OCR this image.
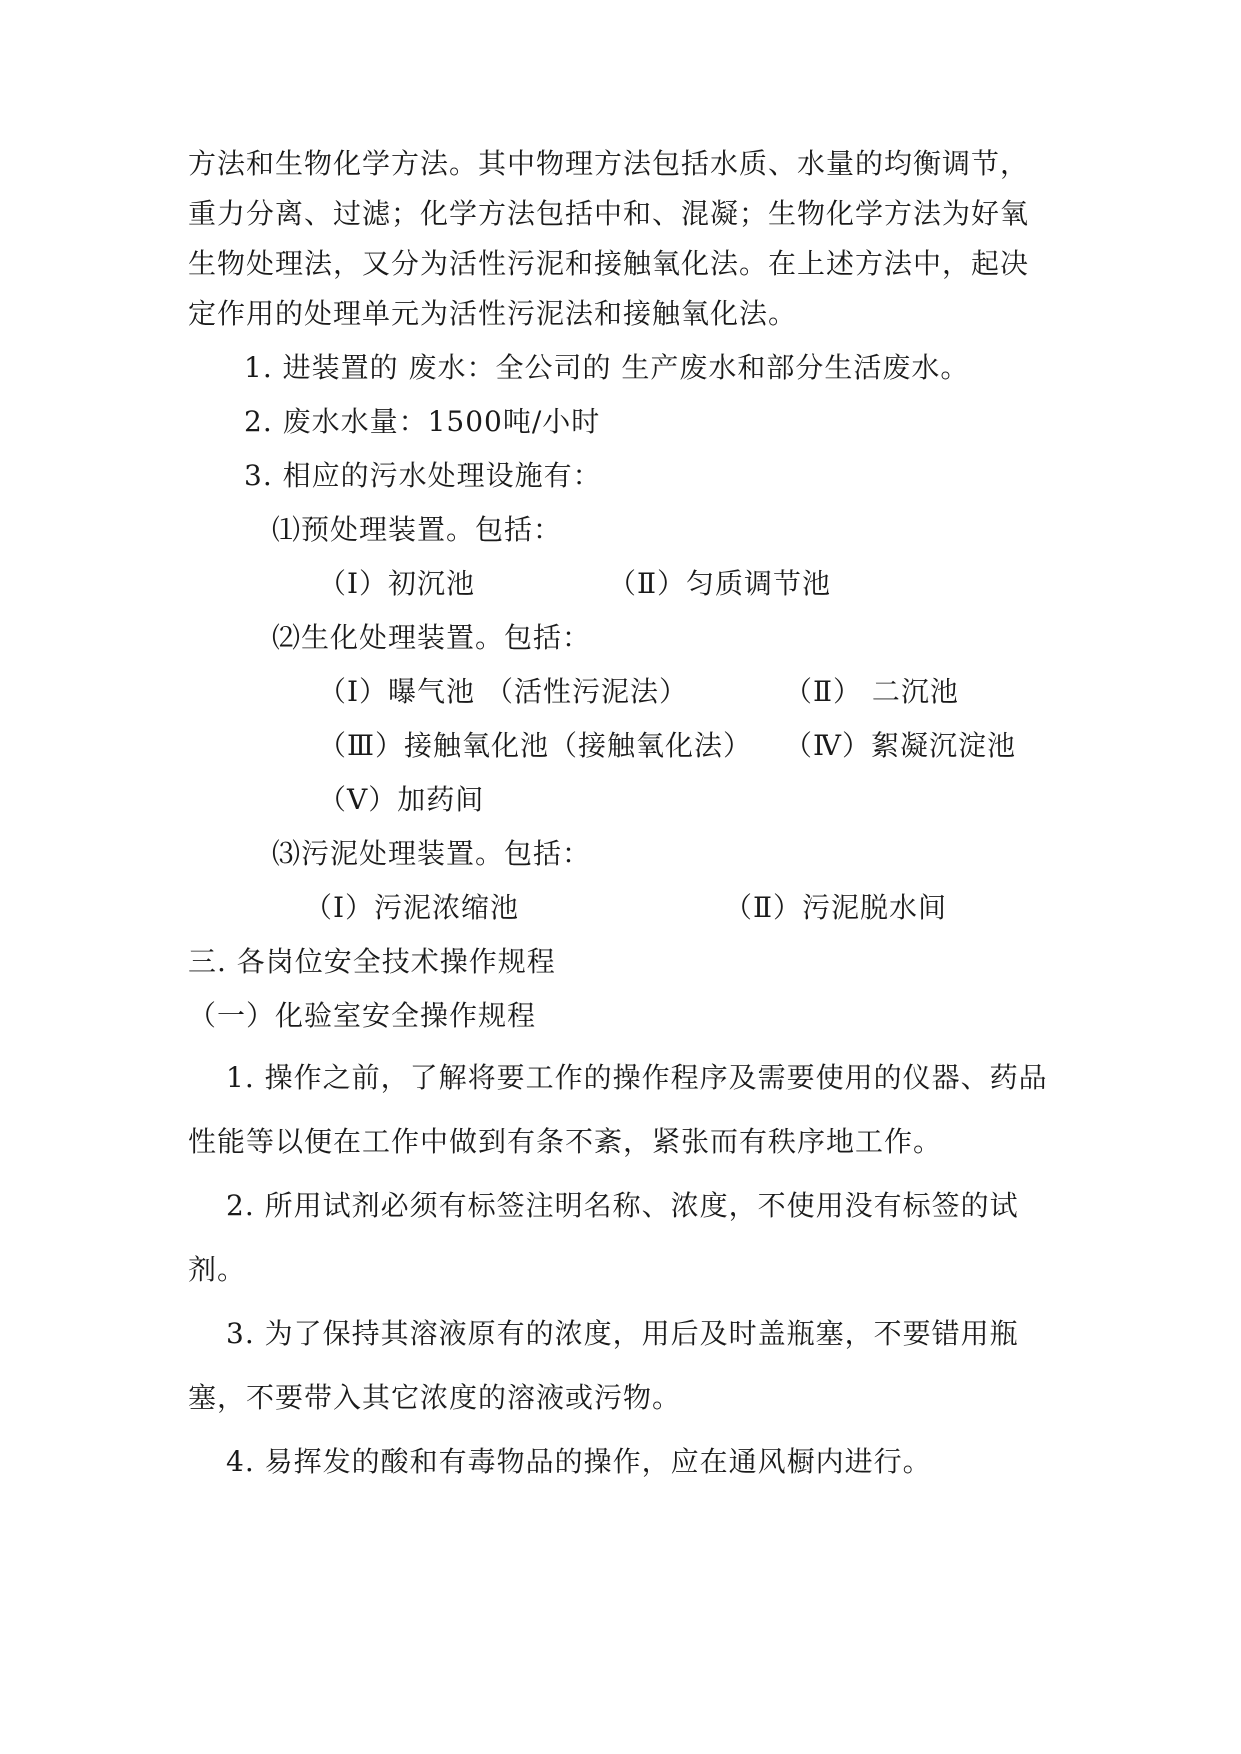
方法和生物化学方法。其中物理方法包括水质、水量的均衡调节，
重力分离、过滤；化学方法包括中和、混凝；生物化学方法为好氧
生物处理法，又分为活性污泥和接触氧化法。在上述方法中，起决
定作用的处理单元为活性污泥法和接触氧化法。
1. 进装置的 废水：全公司的 生产废水和部分生活废水。
2. 废水水量：1500吨/小时
3. 相应的污水处理设施有：
⑴预处理装置。包括：
（Ⅰ）初沉池	（Ⅱ）匀质调节池
⑵生化处理装置。包括：
（Ⅰ）曝气池 （活性污泥法）	（Ⅱ） 二沉池
（Ⅲ）接触氧化池（接触氧化法） （Ⅳ）絮凝沉淀池
（Ⅴ）加药间
⑶污泥处理装置。包括：
（Ⅰ）污泥浓缩池	（Ⅱ）污泥脱水间
三. 各岗位安全技术操作规程
（一）化验室安全操作规程
1. 操作之前，了解将要工作的操作程序及需要使用的仪器、药品
性能等以便在工作中做到有条不紊，紧张而有秩序地工作。
2. 所用试剂必须有标签注明名称、浓度，不使用没有标签的试
剂。
3. 为了保持其溶液原有的浓度，用后及时盖瓶塞，不要错用瓶
塞，不要带入其它浓度的溶液或污物。
4. 易挥发的酸和有毒物品的操作，应在通风橱内进行。
